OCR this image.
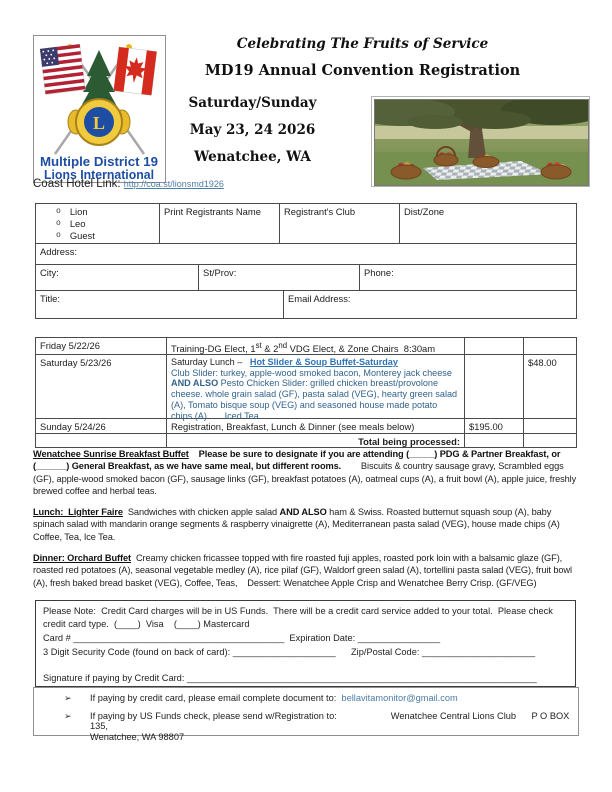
L
Multiple District 19
Lions International
Celebrating The Fruits of Service
MD19 Annual Convention Registration
Saturday/Sunday
May 23, 24 2026
Wenatchee, WA
Coast Hotel Link: http://coa.st/lionsmd1926
o Lion
o Leo
o Guest
Print Registrants Name	Registrant's Club	Dist/Zone
Address:
City:	St/Prov:	Phone:
Title:	Email Address:
Friday 5/22/26	Training-DG Elect, 1st & 2nd VDG Elect, & Zone Chairs  8:30am
Saturday 5/23/26	Saturday Lunch –   Hot Slider & Soup Buffet-Saturday
Club Slider: turkey, apple-wood smoked bacon, Monterey jack cheese AND ALSO Pesto Chicken Slider: grilled chicken breast/provolone cheese. whole grain salad (GF), pasta salad (VEG), hearty green salad (A), Tomato bisque soup (VEG) and seasoned house made potato chips (A)       Iced Tea
$48.00
Sunday 5/24/26	Registration, Breakfast, Lunch & Dinner (see meals below)	$195.00
Total being processed:
Wenatchee Sunrise Breakfast Buffet    Please be sure to designate if you are attending (_____) PDG & Partner Breakfast, or (______) General Breakfast, as we have same meal, but different rooms.        Biscuits & country sausage gravy, Scrambled eggs (GF), apple-wood smoked bacon (GF), sausage links (GF), breakfast potatoes (A), oatmeal cups (A), a fruit bowl (A), apple juice, freshly brewed coffee and herbal teas.
Lunch:  Lighter Faire  Sandwiches with chicken apple salad AND ALSO ham & Swiss. Roasted butternut squash soup (A), baby spinach salad with mandarin orange segments & raspberry vinaigrette (A), Mediterranean pasta salad (VEG), house made chips (A)  Coffee, Tea, Ice Tea.
Dinner: Orchard Buffet  Creamy chicken fricassee topped with fire roasted fuji apples, roasted pork loin with a balsamic glaze (GF), roasted red potatoes (A), seasonal vegetable medley (A), rice pilaf (GF), Waldorf green salad (A), tortellini pasta salad (VEG), fruit bowl (A), fresh baked bread basket (VEG), Coffee, Teas,    Dessert: Wenatchee Apple Crisp and Wenatchee Berry Crisp. (GF/VEG)
Please Note:  Credit Card charges will be in US Funds.  There will be a credit card service added to your total.  Please check credit card type.  (____)  Visa    (____) Mastercard
Card # _________________________________________  Expiration Date: ________________
3 Digit Security Code (found on back of card): ____________________      Zip/Postal Code: ______________________
Signature if paying by Credit Card: ____________________________________________________________________
➢	If paying by credit card, please email complete document to:  bellavitamonitor@gmail.com
➢	If paying by US Funds check, please send w/Registration to:                     Wenatchee Central Lions Club      P O BOX 135,
Wenatchee, WA 98807
